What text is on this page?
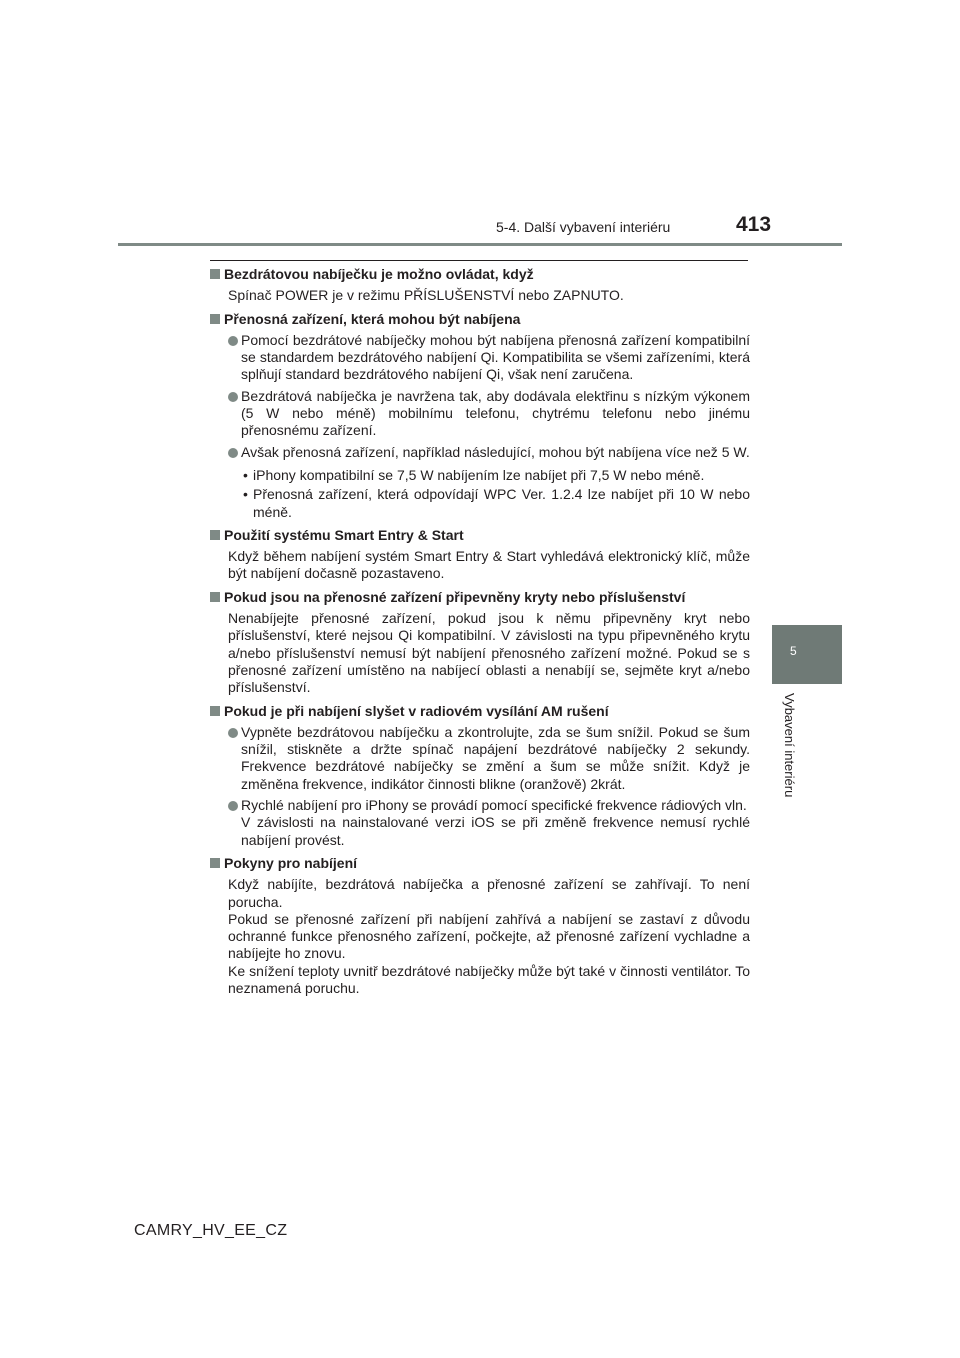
5-4. Další vybavení interiéru	413
5
Vybavení interiéru

Bezdrátovou nabíječku je možno ovládat, když

Spínač POWER je v režimu PŘÍSLUŠENSTVÍ nebo ZAPNUTO.

Přenosná zařízení, která mohou být nabíjena

Pomocí bezdrátové nabíječky mohou být nabíjena přenosná zařízení kompatibilní se standardem bezdrátového nabíjení Qi. Kompatibilita se všemi zařízeními, která splňují standard bezdrátového nabíjení Qi, však není zaručena.

Bezdrátová nabíječka je navržena tak, aby dodávala elektřinu s nízkým výkonem (5 W nebo méně) mobilnímu telefonu, chytrému telefonu nebo jinému přenosnému zařízení.

Avšak přenosná zařízení, například následující, mohou být nabíjena více než 5 W.

• iPhony kompatibilní se 7,5 W nabíjením lze nabíjet při 7,5 W nebo méně.

• Přenosná zařízení, která odpovídají WPC Ver. 1.2.4 lze nabíjet při 10 W nebo méně.

Použití systému Smart Entry & Start

Když během nabíjení systém Smart Entry & Start vyhledává elektronický klíč, může být nabíjení dočasně pozastaveno.

Pokud jsou na přenosné zařízení připevněny kryty nebo příslušenství

Nenabíjejte přenosné zařízení, pokud jsou k němu připevněny kryt nebo příslušenství, které nejsou Qi kompatibilní. V závislosti na typu připevněného krytu a/nebo příslušenství nemusí být nabíjení přenosného zařízení možné. Pokud se s přenosné zařízení umístěno na nabíjecí oblasti a nenabíjí se, sejměte kryt a/nebo příslušenství.

Pokud je při nabíjení slyšet v radiovém vysílání AM rušení

Vypněte bezdrátovou nabíječku a zkontrolujte, zda se šum snížil. Pokud se šum snížil, stiskněte a držte spínač napájení bezdrátové nabíječky 2 sekundy. Frekvence bezdrátové nabíječky se změní a šum se může snížit. Když je změněna frekvence, indikátor činnosti blikne (oranžově) 2krát.

Rychlé nabíjení pro iPhony se provádí pomocí specifické frekvence rádiových vln.
V závislosti na nainstalované verzi iOS se při změně frekvence nemusí rychlé nabíjení provést.

Pokyny pro nabíjení

Když nabíjíte, bezdrátová nabíječka a přenosné zařízení se zahřívají. To není porucha.
Pokud se přenosné zařízení při nabíjení zahřívá a nabíjení se zastaví z důvodu ochranné funkce přenosného zařízení, počkejte, až přenosné zařízení vychladne a nabíjejte ho znovu.
Ke snížení teploty uvnitř bezdrátové nabíječky může být také v činnosti ventilátor. To neznamená poruchu.

CAMRY_HV_EE_CZ
